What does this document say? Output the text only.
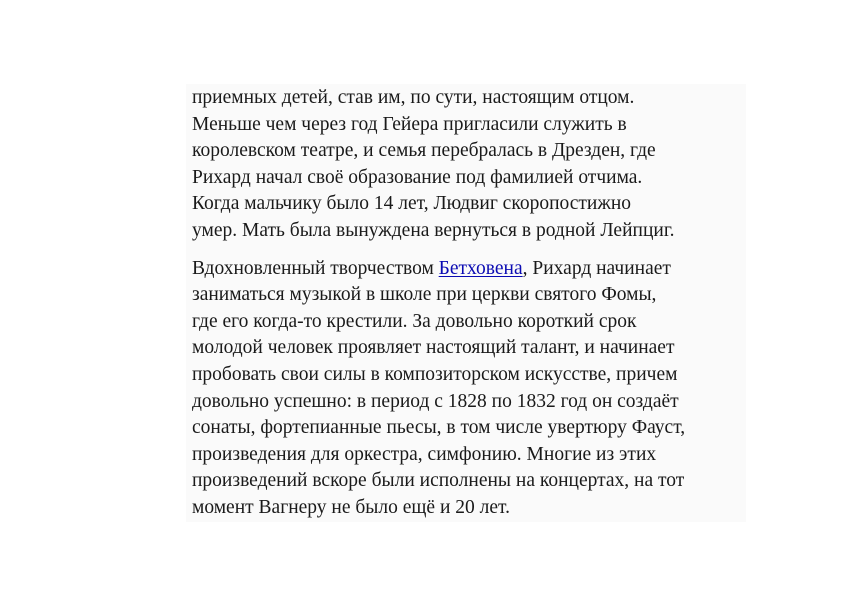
приемных детей, став им, по сути, настоящим отцом.
Меньше чем через год Гейера пригласили служить в
королевском театре, и семья перебралась в Дрезден, где
Рихард начал своё образование под фамилией отчима.
Когда мальчику было 14 лет, Людвиг скоропостижно
умер. Мать была вынуждена вернуться в родной Лейпциг.

Вдохновленный творчеством Бетховена, Рихард начинает
заниматься музыкой в школе при церкви святого Фомы,
где его когда-то крестили. За довольно короткий срок
молодой человек проявляет настоящий талант, и начинает
пробовать свои силы в композиторском искусстве, причем
довольно успешно: в период с 1828 по 1832 год он создаёт
сонаты, фортепианные пьесы, в том числе увертюру Фауст,
произведения для оркестра, симфонию. Многие из этих
произведений вскоре были исполнены на концертах, на тот
момент Вагнеру не было ещё и 20 лет.
